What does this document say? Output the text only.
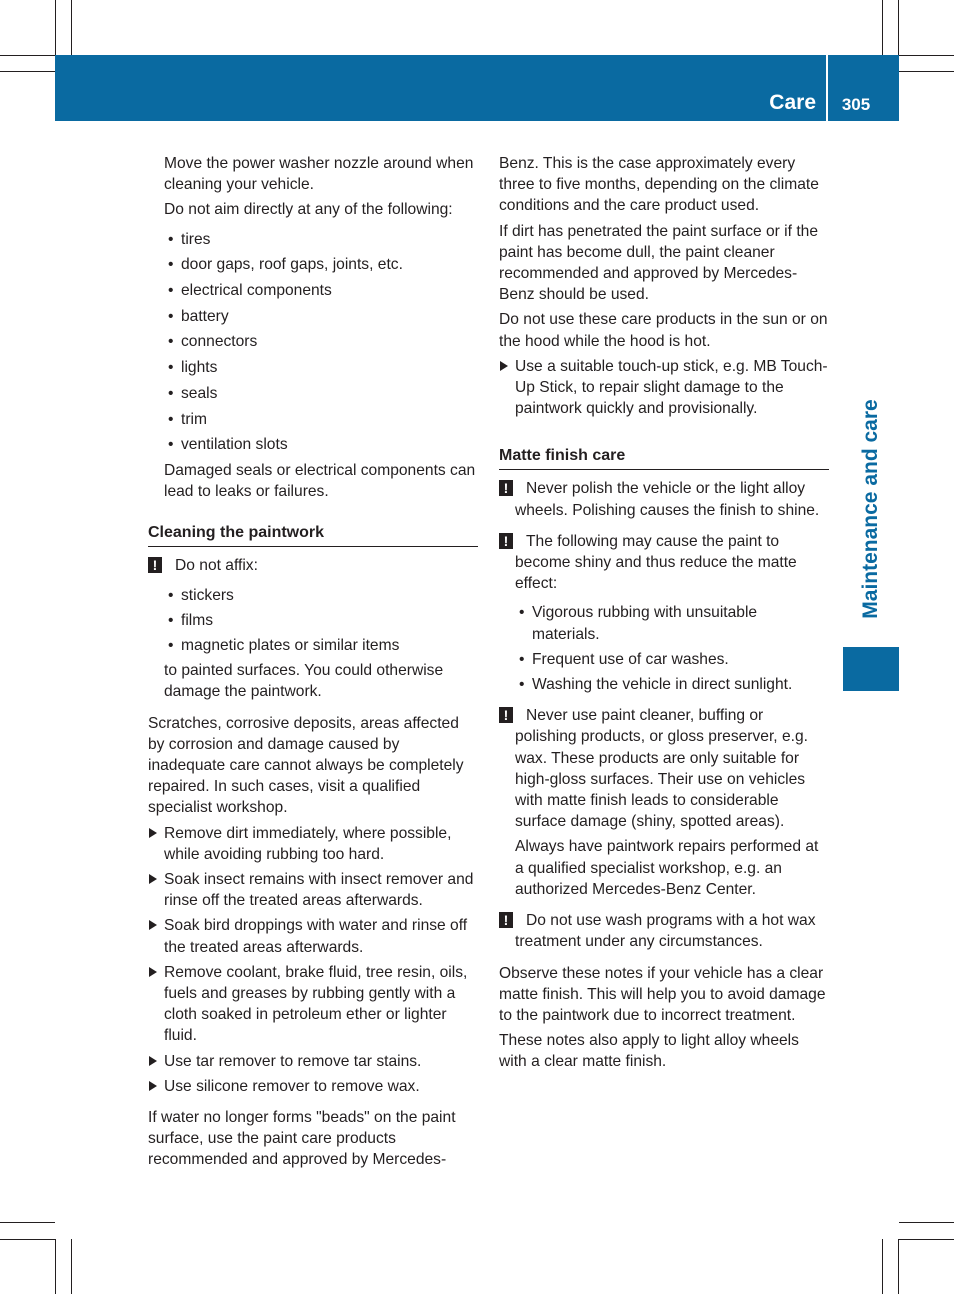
Care	305
Maintenance and care

Move the power washer nozzle around when cleaning your vehicle.

Do not aim directly at any of the following:

• tires
• door gaps, roof gaps, joints, etc.
• electrical components
• battery
• connectors
• lights
• seals
• trim
• ventilation slots

Damaged seals or electrical components can lead to leaks or failures.

Cleaning the paintwork
! Do not affix:
• stickers
• films
• magnetic plates or similar items

to painted surfaces. You could otherwise damage the paintwork.

Scratches, corrosive deposits, areas affected by corrosion and damage caused by inadequate care cannot always be completely repaired. In such cases, visit a qualified specialist workshop.

Remove dirt immediately, where possible, while avoiding rubbing too hard.
Soak insect remains with insect remover and rinse off the treated areas afterwards.
Soak bird droppings with water and rinse off the treated areas afterwards.
Remove coolant, brake fluid, tree resin, oils, fuels and greases by rubbing gently with a cloth soaked in petroleum ether or lighter fluid.
Use tar remover to remove tar stains.
Use silicone remover to remove wax.

If water no longer forms "beads" on the paint surface, use the paint care products recommended and approved by Mercedes-

Benz. This is the case approximately every three to five months, depending on the climate conditions and the care product used.

If dirt has penetrated the paint surface or if the paint has become dull, the paint cleaner recommended and approved by Mercedes-Benz should be used.

Do not use these care products in the sun or on the hood while the hood is hot.

Use a suitable touch-up stick, e.g. MB Touch-Up Stick, to repair slight damage to the paintwork quickly and provisionally.
Matte finish care
! Never polish the vehicle or the light alloy wheels. Polishing causes the finish to shine.
! The following may cause the paint to become shiny and thus reduce the matte effect:
• Vigorous rubbing with unsuitable materials.
• Frequent use of car washes.
• Washing the vehicle in direct sunlight.
! Never use paint cleaner, buffing or polishing products, or gloss preserver, e.g. wax. These products are only suitable for high-gloss surfaces. Their use on vehicles with matte finish leads to considerable surface damage (shiny, spotted areas).

Always have paintwork repairs performed at a qualified specialist workshop, e.g. an authorized Mercedes-Benz Center.

! Do not use wash programs with a hot wax treatment under any circumstances.

Observe these notes if your vehicle has a clear matte finish. This will help you to avoid damage to the paintwork due to incorrect treatment.

These notes also apply to light alloy wheels with a clear matte finish.
